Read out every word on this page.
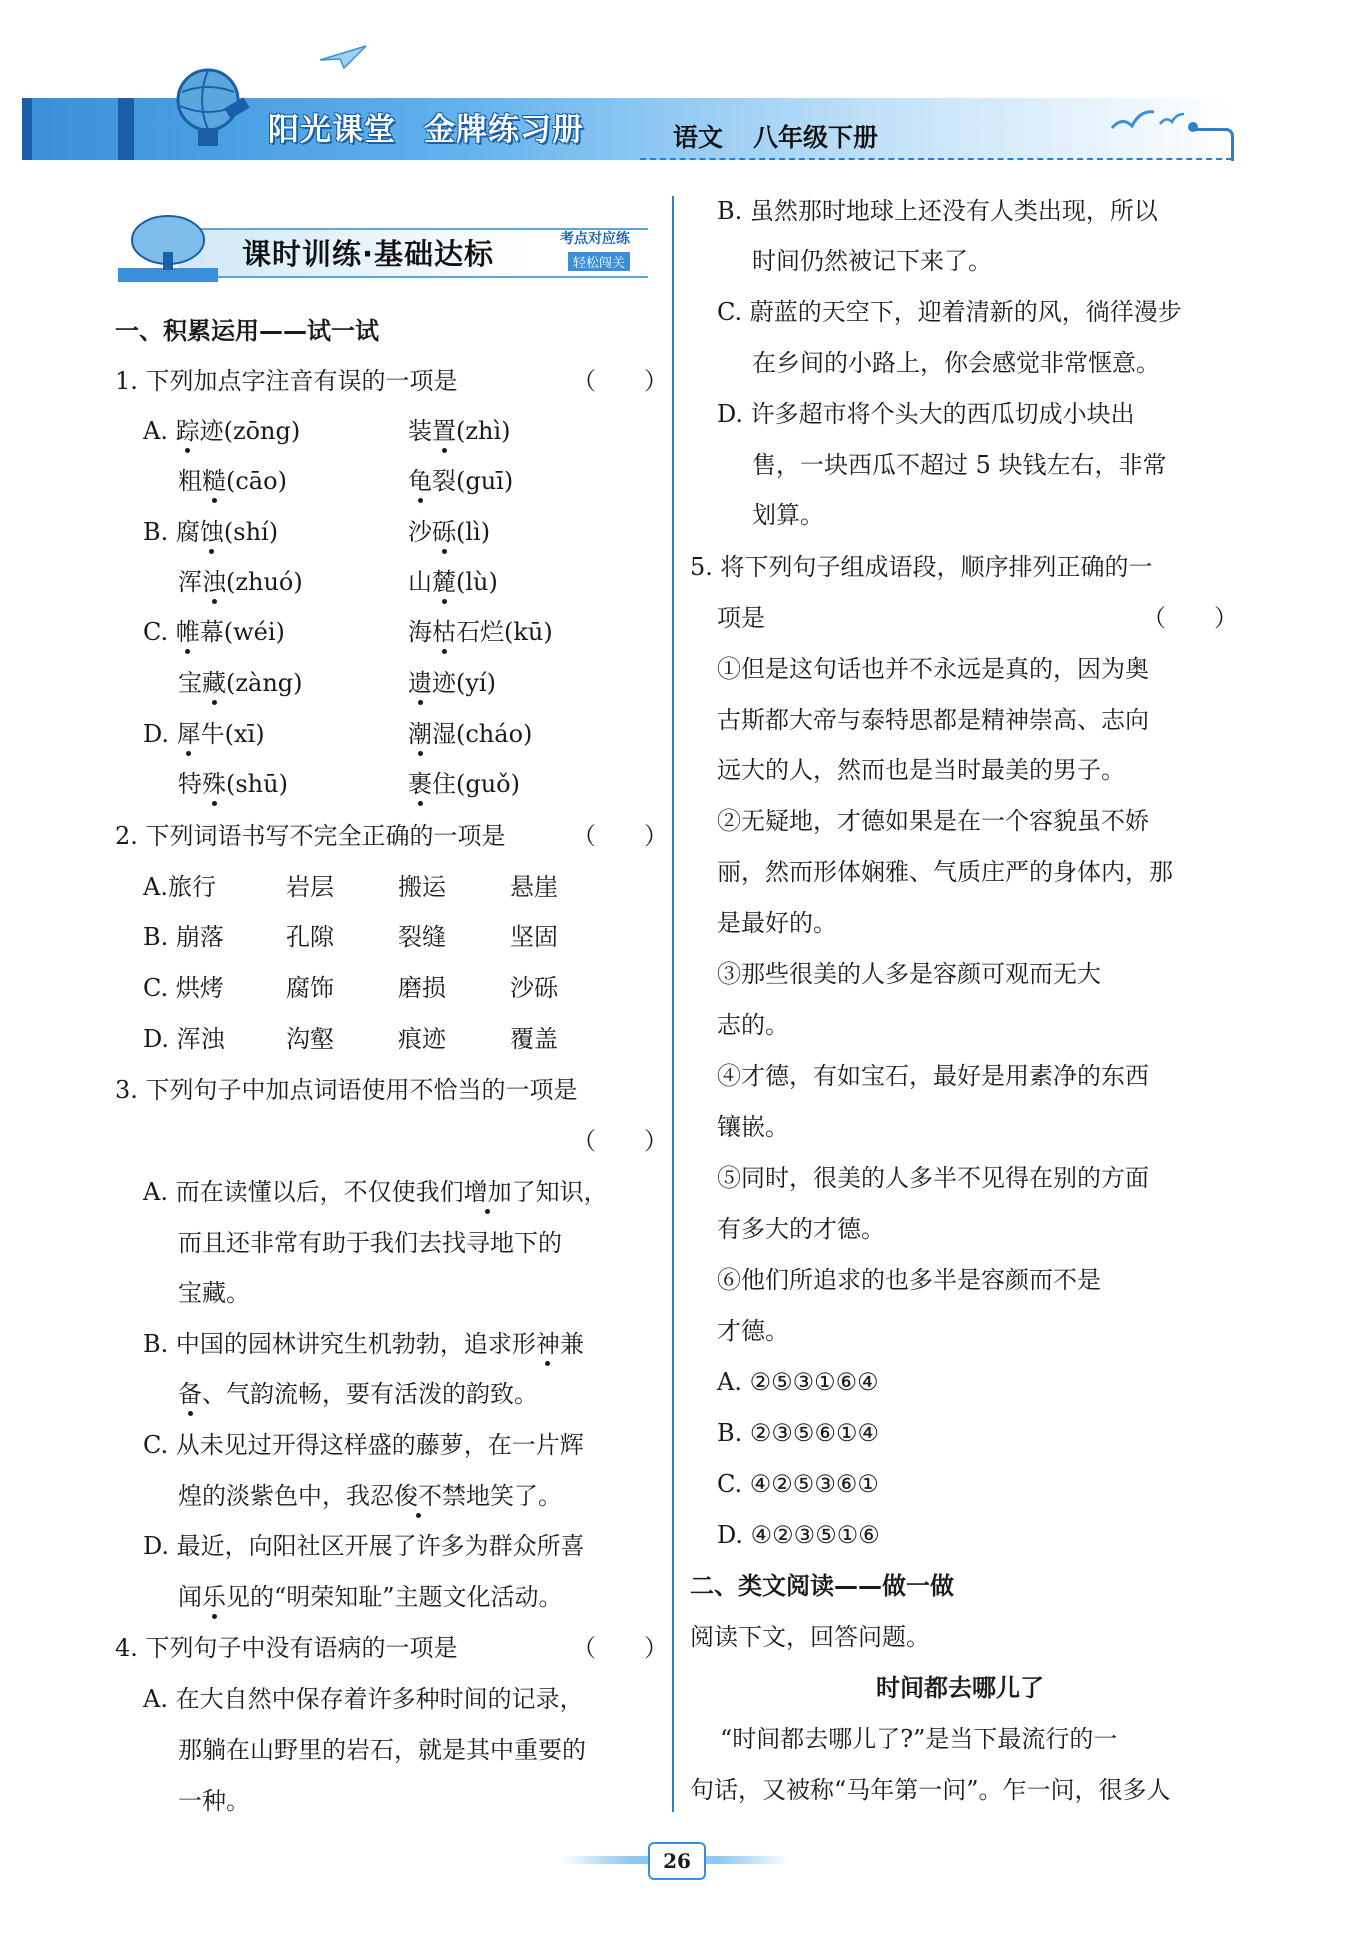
阳光课堂 金牌练习册	语文 八年级下册
课时训练·基础达标	考点对应练
轻松闯关
一、积累运用——试一试
1. 下列加点字注音有误的一项是	（　　）
A. 踪迹(zōng)	装置(zhì)
粗糙(cāo)	龟裂(guī)
B. 腐蚀(shí)	沙砾(lì)
浑浊(zhuó)	山麓(lù)
C. 帷幕(wéi)	海枯石烂(kū)
宝藏(zàng)	遗迹(yí)
D. 犀牛(xī)	潮湿(cháo)
特殊(shū)	裹住(guǒ)
2. 下列词语书写不完全正确的一项是	（　　）
A.旅行	岩层	搬运	悬崖
B. 崩落	孔隙	裂缝	坚固
C. 烘烤	腐饰	磨损	沙砾
D. 浑浊	沟壑	痕迹	覆盖
3. 下列句子中加点词语使用不恰当的一项是
（　　）
A. 而在读懂以后，不仅使我们增加了知识，
而且还非常有助于我们去找寻地下的
宝藏。
B. 中国的园林讲究生机勃勃，追求形神兼
备、气韵流畅，要有活泼的韵致。
C. 从未见过开得这样盛的藤萝，在一片辉
煌的淡紫色中，我忍俊不禁地笑了。
D. 最近，向阳社区开展了许多为群众所喜
闻乐见的“明荣知耻”主题文化活动。
4. 下列句子中没有语病的一项是	（　　）
A. 在大自然中保存着许多种时间的记录，
那躺在山野里的岩石，就是其中重要的
一种。
B. 虽然那时地球上还没有人类出现，所以
时间仍然被记下来了。
C. 蔚蓝的天空下，迎着清新的风，徜徉漫步
在乡间的小路上，你会感觉非常惬意。
D. 许多超市将个头大的西瓜切成小块出
售，一块西瓜不超过 5 块钱左右，非常
划算。
5. 将下列句子组成语段，顺序排列正确的一
项是	（　　）
①但是这句话也并不永远是真的，因为奥
古斯都大帝与泰特思都是精神崇高、志向
远大的人，然而也是当时最美的男子。
②无疑地，才德如果是在一个容貌虽不娇
丽，然而形体娴雅、气质庄严的身体内，那
是最好的。
③那些很美的人多是容颜可观而无大
志的。
④才德，有如宝石，最好是用素净的东西
镶嵌。
⑤同时，很美的人多半不见得在别的方面
有多大的才德。
⑥他们所追求的也多半是容颜而不是
才德。
A. ②⑤③①⑥④
B. ②③⑤⑥①④
C. ④②⑤③⑥①
D. ④②③⑤①⑥
二、类文阅读——做一做
阅读下文，回答问题。
时间都去哪儿了
“时间都去哪儿了?”是当下最流行的一
句话，又被称“马年第一问”。乍一问，很多人
26
